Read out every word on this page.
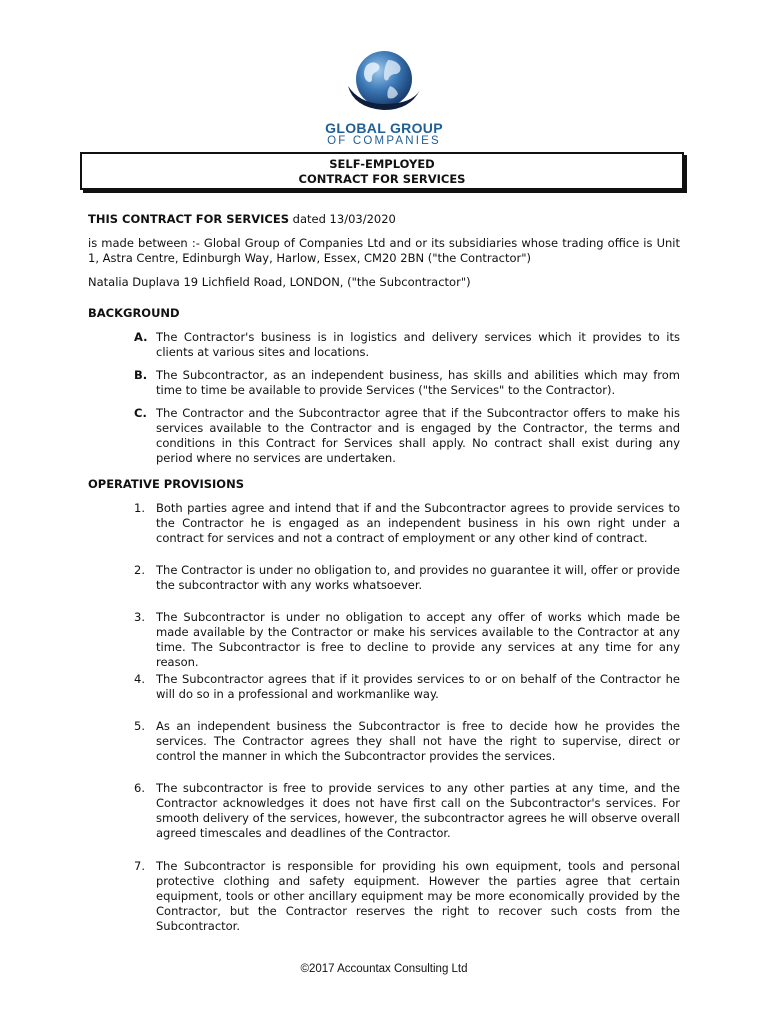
GLOBAL GROUP
OF COMPANIES
SELF-EMPLOYED
CONTRACT FOR SERVICES
THIS CONTRACT FOR SERVICES dated 13/03/2020
is made between :- Global Group of Companies Ltd and or its subsidiaries whose trading office is Unit 1, Astra Centre, Edinburgh Way, Harlow, Essex, CM20 2BN ("the Contractor")
Natalia Duplava 19 Lichfield Road, LONDON, ("the Subcontractor")
BACKGROUND
A. The Contractor's business is in logistics and delivery services which it provides to its clients at various sites and locations.
B. The Subcontractor, as an independent business, has skills and abilities which may from time to time be available to provide Services ("the Services" to the Contractor).
C. The Contractor and the Subcontractor agree that if the Subcontractor offers to make his services available to the Contractor and is engaged by the Contractor, the terms and conditions in this Contract for Services shall apply. No contract shall exist during any period where no services are undertaken.
OPERATIVE PROVISIONS
1. Both parties agree and intend that if and the Subcontractor agrees to provide services to the Contractor he is engaged as an independent business in his own right under a contract for services and not a contract of employment or any other kind of contract.
2. The Contractor is under no obligation to, and provides no guarantee it will, offer or provide the subcontractor with any works whatsoever.
3. The Subcontractor is under no obligation to accept any offer of works which made be made available by the Contractor or make his services available to the Contractor at any time. The Subcontractor is free to decline to provide any services at any time for any reason.
4. The Subcontractor agrees that if it provides services to or on behalf of the Contractor he will do so in a professional and workmanlike way.
5. As an independent business the Subcontractor is free to decide how he provides the services. The Contractor agrees they shall not have the right to supervise, direct or control the manner in which the Subcontractor provides the services.
6. The subcontractor is free to provide services to any other parties at any time, and the Contractor acknowledges it does not have first call on the Subcontractor's services. For smooth delivery of the services, however, the subcontractor agrees he will observe overall agreed timescales and deadlines of the Contractor.
7. The Subcontractor is responsible for providing his own equipment, tools and personal protective clothing and safety equipment. However the parties agree that certain equipment, tools or other ancillary equipment may be more economically provided by the Contractor, but the Contractor reserves the right to recover such costs from the Subcontractor.
©2017 Accountax Consulting Ltd
